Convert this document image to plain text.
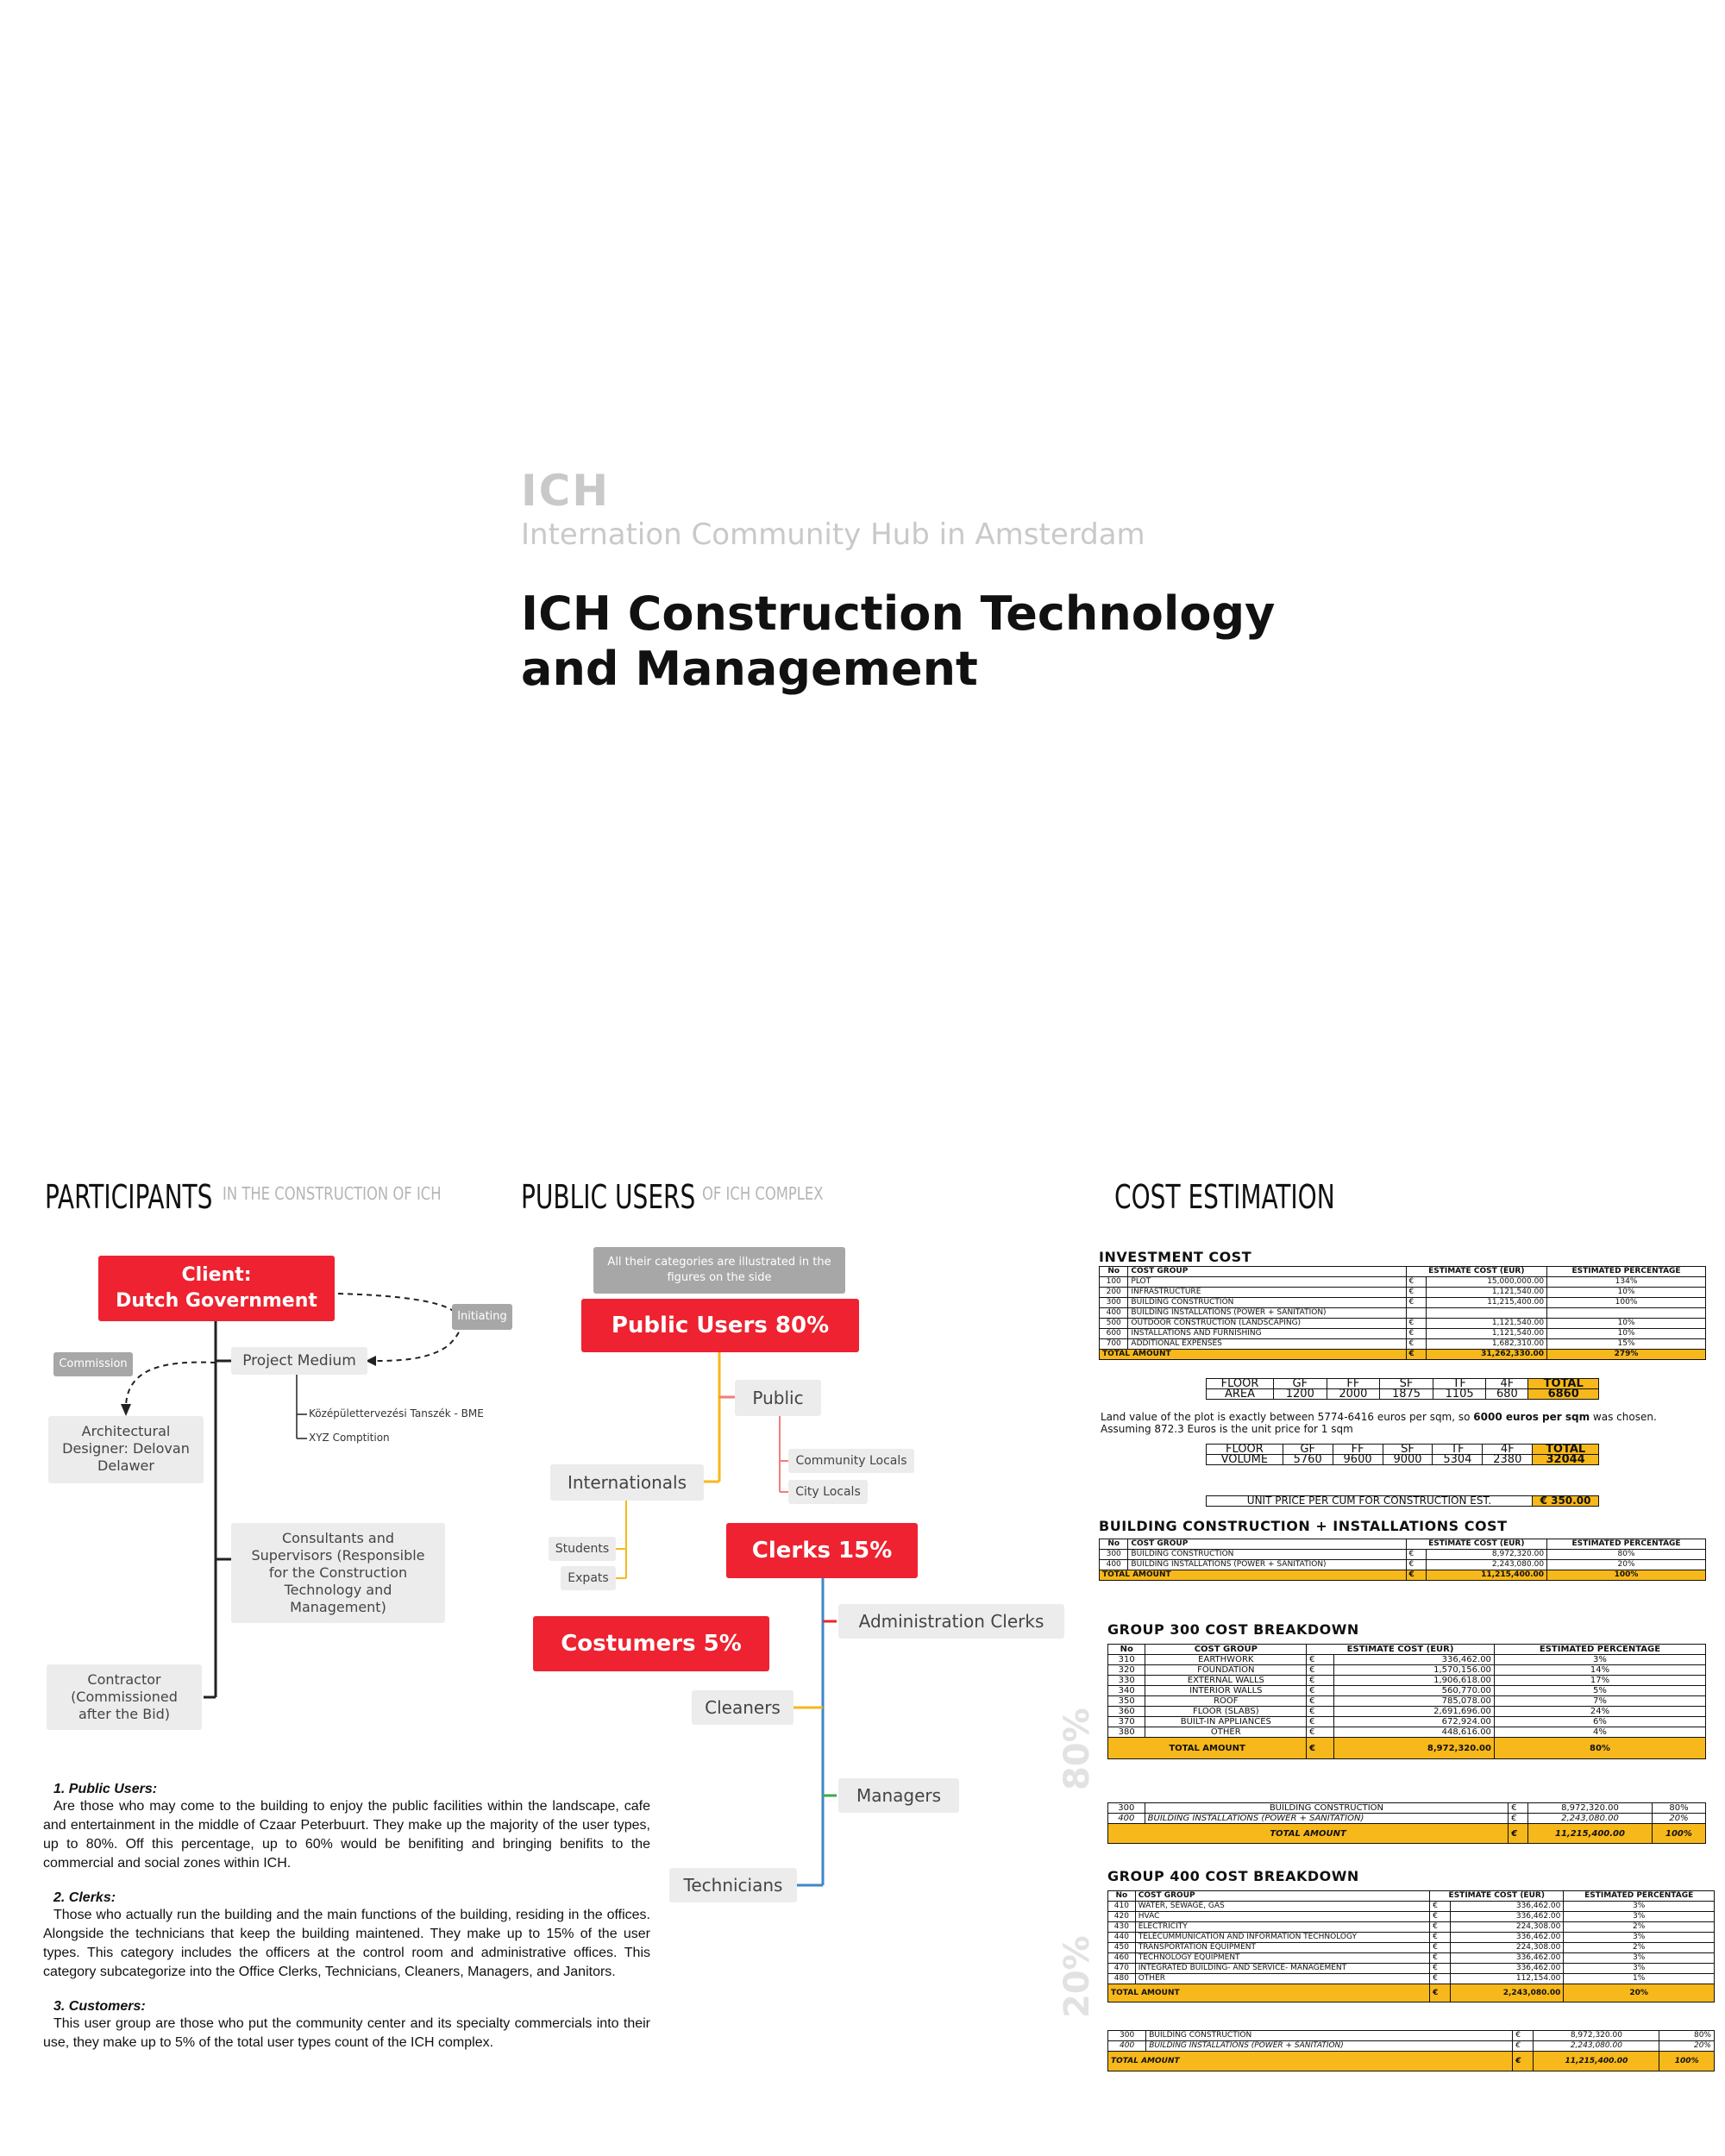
ICH
Internation Community Hub in Amsterdam
ICH Construction Technology
and Management
PARTICIPANTS IN THE CONSTRUCTION OF ICH
Client:
Dutch Government
Initiating
Commission	Project Medium
Középülettervezési Tanszék - BME
XYZ Comptition
Architectural Designer: Delovan Delawer
Consultants and Supervisors (Responsible for the Construction Technology and Management)
Contractor (Commissioned after the Bid)
PUBLIC USERS OF ICH COMPLEX
All their categories are illustrated in the figures on the side
Public Users 80%
Public
Community Locals
City Locals
Internationals
Students
Expats
Clerks 15%
Administration Clerks
Costumers 5%
Cleaners
Managers
Technicians
1. Public Users:
Are those who may come to the building to enjoy the public facilities within the landscape, cafe and entertainment in the middle of Czaar Peterbuurt. They make up the majority of the user types, up to 80%. Off this percentage, up to 60% would be benifiting and bringing benifits to the commercial and social zones within ICH.
2. Clerks:
Those who actually run the building and the main functions of the building, residing in the offices. Alongside the technicians that keep the building maintened. They make up to 15% of the user types. This category includes the officers at the control room and administrative offices. This category subcategorize into the Office Clerks, Technicians, Cleaners, Managers, and Janitors.
3. Customers:
This user group are those who put the community center and its specialty commercials into their use, they make up to 5% of the total user types count of the ICH complex.
COST ESTIMATION
INVESTMENT COST
No	COST GROUP	ESTIMATE COST (EUR)		ESTIMATED PERCENTAGE
100	PLOT	€	15,000,000.00	134%
200	INFRASTRUCTURE	€	1,121,540.00	10%
300	BUILDING CONSTRUCTION	€	11,215,400.00	100%
400	BUILDING INSTALLATIONS (POWER + SANITATION)			
500	OUTDOOR CONSTRUCTION (LANDSCAPING)	€	1,121,540.00	10%
600	INSTALLATIONS AND FURNISHING	€	1,121,540.00	10%
700	ADDITIONAL EXPENSES	€	1,682,310.00	15%
TOTAL AMOUNT		€	31,262,330.00	279%
FLOOR	GF	FF	SF	TF	4F	TOTAL
AREA	1200	2000	1875	1105	680	6860
Land value of the plot is exactly between 5774-6416 euros per sqm, so 6000 euros per sqm was chosen.
Assuming 872.3 Euros is the unit price for 1 sqm
FLOOR	GF	FF	SF	TF	4F	TOTAL
VOLUME	5760	9600	9000	5304	2380	32044
UNIT PRICE PER CUM FOR CONSTRUCTION EST.	€ 350.00
BUILDING CONSTRUCTION + INSTALLATIONS COST
No	COST GROUP	ESTIMATE COST (EUR)		ESTIMATED PERCENTAGE
300	BUILDING CONSTRUCTION	€	8,972,320.00	80%
400	BUILDING INSTALLATIONS (POWER + SANITATION)	€	2,243,080.00	20%
TOTAL AMOUNT		€	11,215,400.00	100%
GROUP 300 COST BREAKDOWN
80%
No	COST GROUP	ESTIMATE COST (EUR)		ESTIMATED PERCENTAGE
310	EARTHWORK	€	336,462.00	3%
320	FOUNDATION	€	1,570,156.00	14%
330	EXTERNAL WALLS	€	1,906,618.00	17%
340	INTERIOR WALLS	€	560,770.00	5%
350	ROOF	€	785,078.00	7%
360	FLOOR (SLABS)	€	2,691,696.00	24%
370	BUILT-IN APPLIANCES	€	672,924.00	6%
380	OTHER	€	448,616.00	4%
TOTAL AMOUNT		€	8,972,320.00	80%
300	BUILDING CONSTRUCTION	€	8,972,320.00	80%
400	BUILDING INSTALLATIONS (POWER + SANITATION)	€	2,243,080.00	20%
TOTAL AMOUNT		€	11,215,400.00	100%
GROUP 400 COST BREAKDOWN
20%
No	COST GROUP	ESTIMATE COST (EUR)		ESTIMATED PERCENTAGE
410	WATER, SEWAGE, GAS	€	336,462.00	3%
420	HVAC	€	336,462.00	3%
430	ELECTRICITY	€	224,308.00	2%
440	TELECUMMUNICATION AND INFORMATION TECHNOLOGY	€	336,462.00	3%
450	TRANSPORTATION EQUIPMENT	€	224,308.00	2%
460	TECHNOLOGY EQUIPMENT	€	336,462.00	3%
470	INTEGRATED BUILDING- AND SERVICE- MANAGEMENT	€	336,462.00	3%
480	OTHER	€	112,154.00	1%
TOTAL AMOUNT		€	2,243,080.00	20%
300	BUILDING CONSTRUCTION	€	8,972,320.00	80%
400	BUILDING INSTALLATIONS (POWER + SANITATION)	€	2,243,080.00	20%
TOTAL AMOUNT		€	11,215,400.00	100%
